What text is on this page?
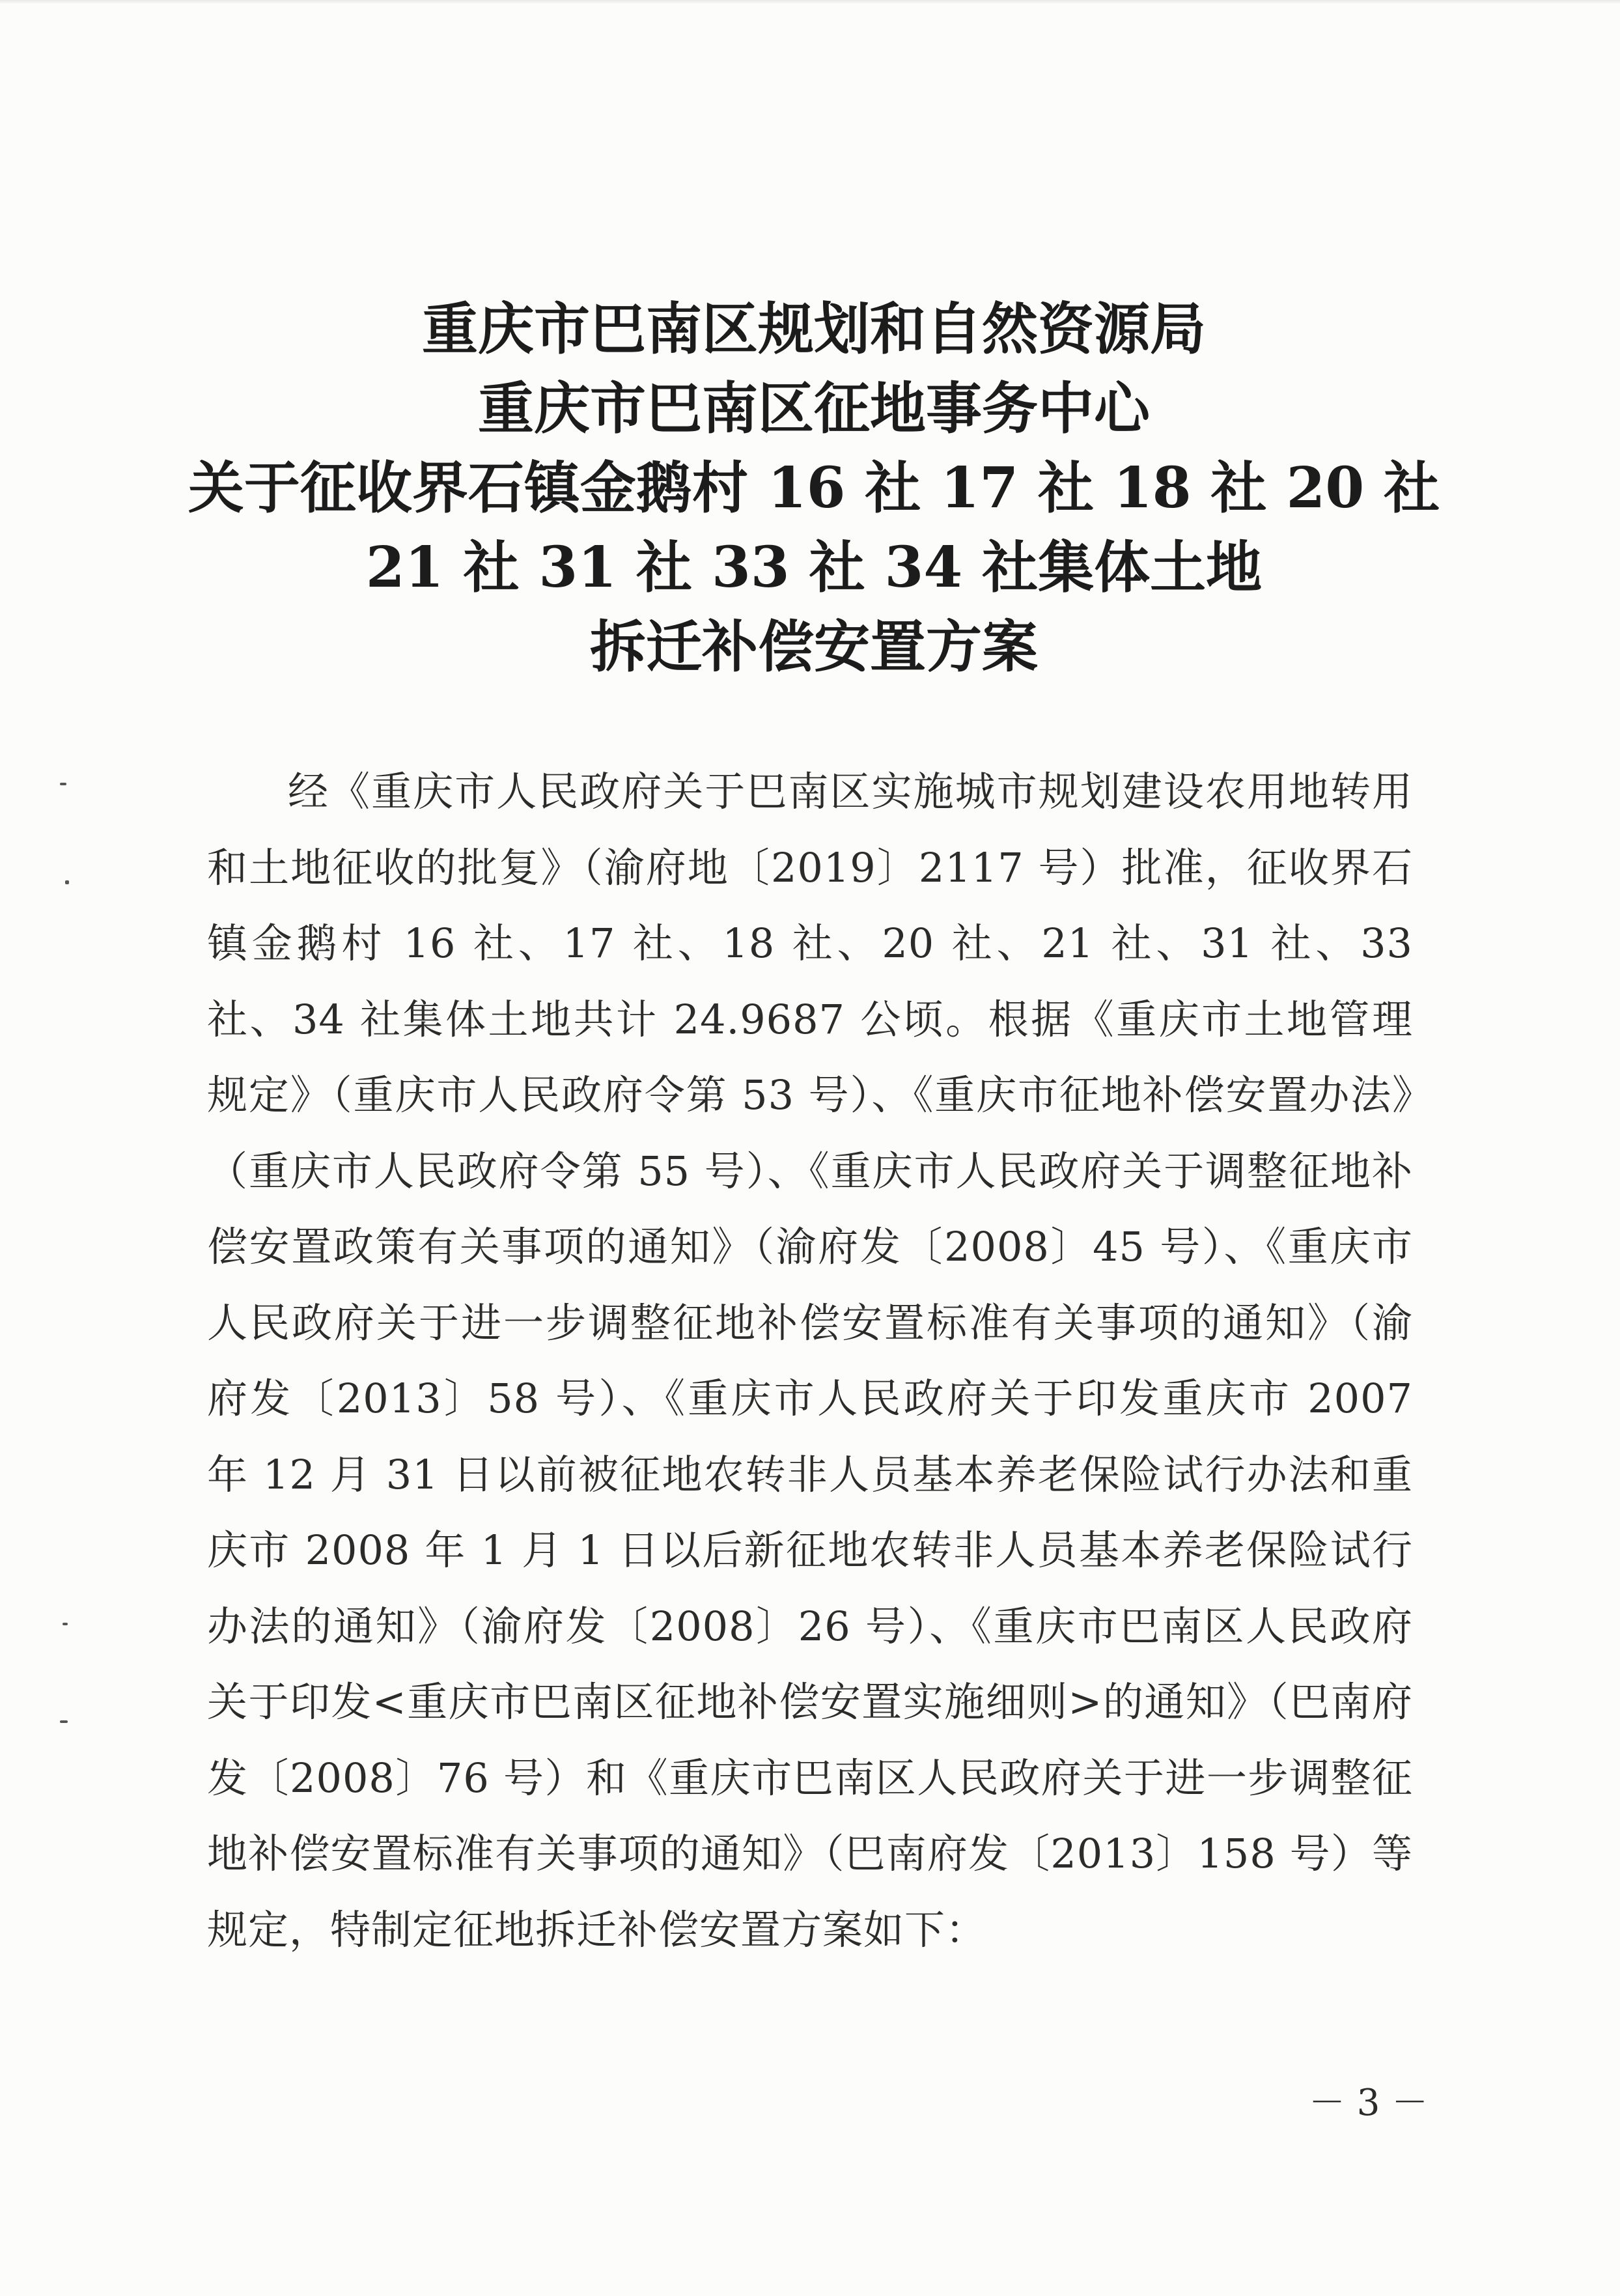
重庆市巴南区规划和自然资源局
重庆市巴南区征地事务中心
关于征收界石镇金鹅村 16 社 17 社 18 社 20 社
21 社 31 社 33 社 34 社集体土地
拆迁补偿安置方案

经《重庆市人民政府关于巴南区实施城市规划建设农用地转用和土地征收的批复》（渝府地〔2019〕2117 号）批准，征收界石镇金鹅村 16 社、17 社、18 社、20 社、21 社、31 社、33 社、34 社集体土地共计 24.9687 公顷。根据《重庆市土地管理规定》（重庆市人民政府令第 53 号）、《重庆市征地补偿安置办法》（重庆市人民政府令第 55 号）、《重庆市人民政府关于调整征地补偿安置政策有关事项的通知》（渝府发〔2008〕45 号）、《重庆市人民政府关于进一步调整征地补偿安置标准有关事项的通知》（渝府发〔2013〕58 号）、《重庆市人民政府关于印发重庆市 2007 年 12 月 31 日以前被征地农转非人员基本养老保险试行办法和重庆市 2008 年 1 月 1 日以后新征地农转非人员基本养老保险试行办法的通知》（渝府发〔2008〕26 号）、《重庆市巴南区人民政府关于印发<重庆市巴南区征地补偿安置实施细则>的通知》（巴南府发〔2008〕76 号）和《重庆市巴南区人民政府关于进一步调整征地补偿安置标准有关事项的通知》（巴南府发〔2013〕158 号）等规定，特制定征地拆迁补偿安置方案如下：

－ 3 －
